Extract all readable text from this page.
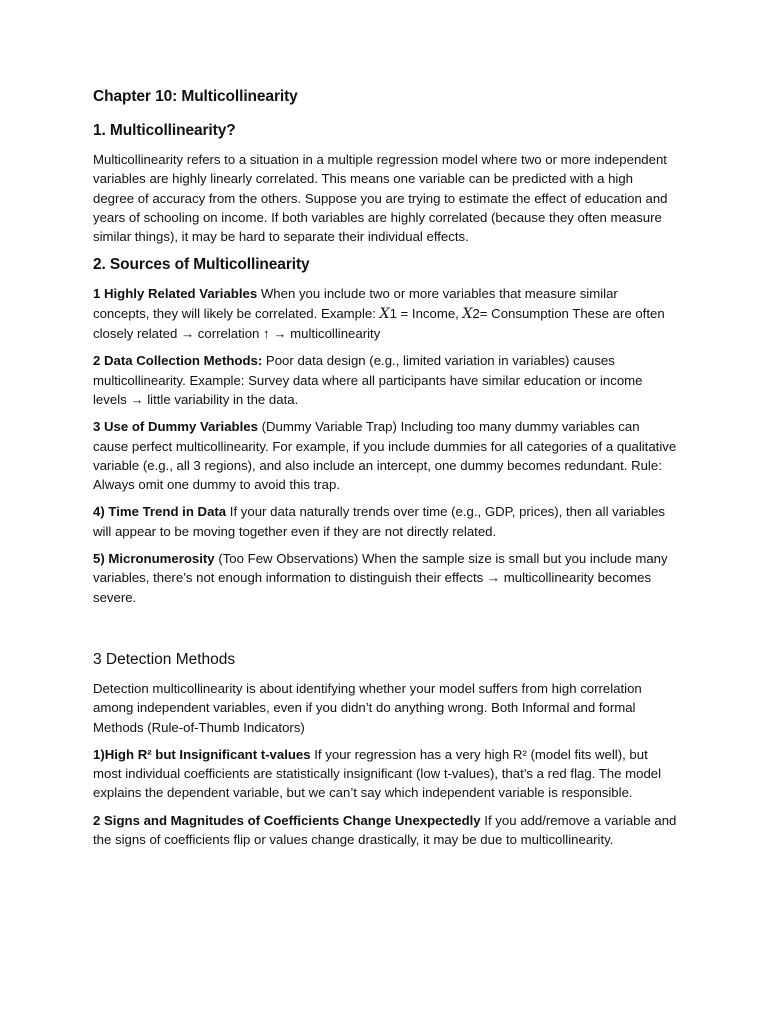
Chapter 10: Multicollinearity
1. Multicollinearity?

Multicollinearity refers to a situation in a multiple regression model where two or more independent variables are highly linearly correlated. This means one variable can be predicted with a high degree of accuracy from the others. Suppose you are trying to estimate the effect of education and years of schooling on income. If both variables are highly correlated (because they often measure similar things), it may be hard to separate their individual effects.

2. Sources of Multicollinearity

1 Highly Related Variables When you include two or more variables that measure similar concepts, they will likely be correlated. Example: X1 = Income, X2= Consumption These are often closely related → correlation ↑ → multicollinearity

2 Data Collection Methods: Poor data design (e.g., limited variation in variables) causes multicollinearity. Example: Survey data where all participants have similar education or income levels → little variability in the data.

3 Use of Dummy Variables (Dummy Variable Trap) Including too many dummy variables can cause perfect multicollinearity. For example, if you include dummies for all categories of a qualitative variable (e.g., all 3 regions), and also include an intercept, one dummy becomes redundant. Rule: Always omit one dummy to avoid this trap.

4) Time Trend in Data If your data naturally trends over time (e.g., GDP, prices), then all variables will appear to be moving together even if they are not directly related.

5) Micronumerosity (Too Few Observations) When the sample size is small but you include many variables, there’s not enough information to distinguish their effects → multicollinearity becomes severe.

3 Detection Methods

Detection multicollinearity is about identifying whether your model suffers from high correlation among independent variables, even if you didn’t do anything wrong. Both Informal and formal Methods (Rule-of-Thumb Indicators)

1)High R² but Insignificant t-values If your regression has a very high R² (model fits well), but most individual coefficients are statistically insignificant (low t-values), that’s a red flag. The model explains the dependent variable, but we can’t say which independent variable is responsible.

2 Signs and Magnitudes of Coefficients Change Unexpectedly If you add/remove a variable and the signs of coefficients flip or values change drastically, it may be due to multicollinearity.
